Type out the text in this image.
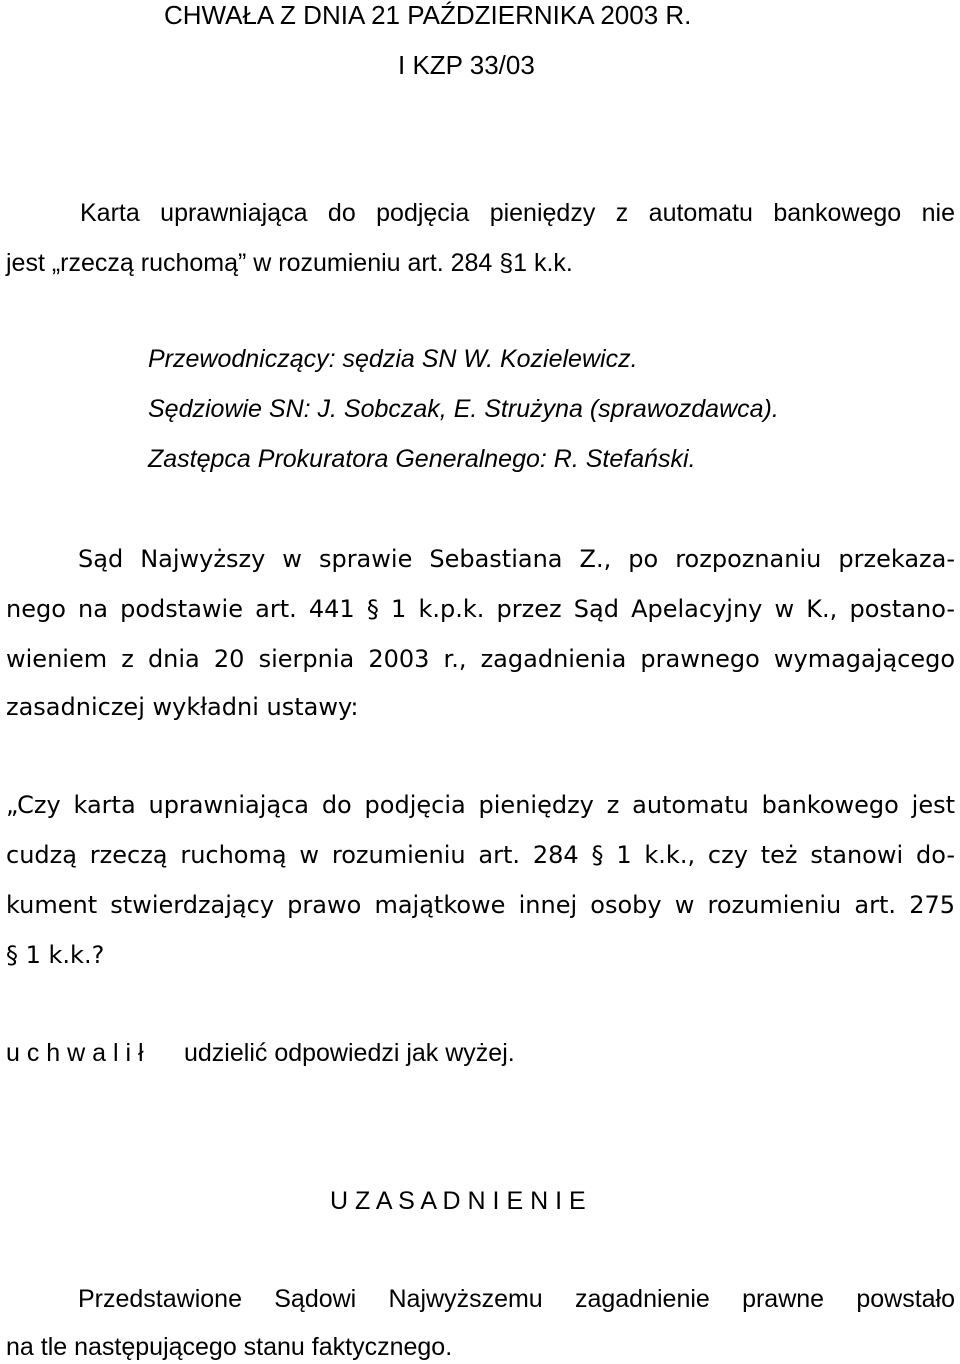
CHWAŁA Z DNIA 21 PAŹDZIERNIKA 2003 R.

I KZP 33/03

Karta uprawniająca do podjęcia pieniędzy z automatu bankowego nie

jest „rzeczą ruchomą” w rozumieniu art. 284 §1 k.k.

Przewodniczący: sędzia SN W. Kozielewicz.

Sędziowie SN: J. Sobczak, E. Strużyna (sprawozdawca).

Zastępca Prokuratora Generalnego: R. Stefański.

Sąd Najwyższy w sprawie Sebastiana Z., po rozpoznaniu przekaza-

nego na podstawie art. 441 § 1 k.p.k. przez Sąd Apelacyjny w K., postano-

wieniem z dnia 20 sierpnia 2003 r., zagadnienia prawnego wymagającego

zasadniczej wykładni ustawy:

„Czy karta uprawniająca do podjęcia pieniędzy z automatu bankowego jest

cudzą rzeczą ruchomą w rozumieniu art. 284 § 1 k.k., czy też stanowi do-

kument stwierdzający prawo majątkowe innej osoby w rozumieniu art. 275

§ 1 k.k.?

u c h w a l i ł udzielić odpowiedzi jak wyżej.

U Z A S A D N I E N I E

Przedstawione Sądowi Najwyższemu zagadnienie prawne powstało

na tle następującego stanu faktycznego.
